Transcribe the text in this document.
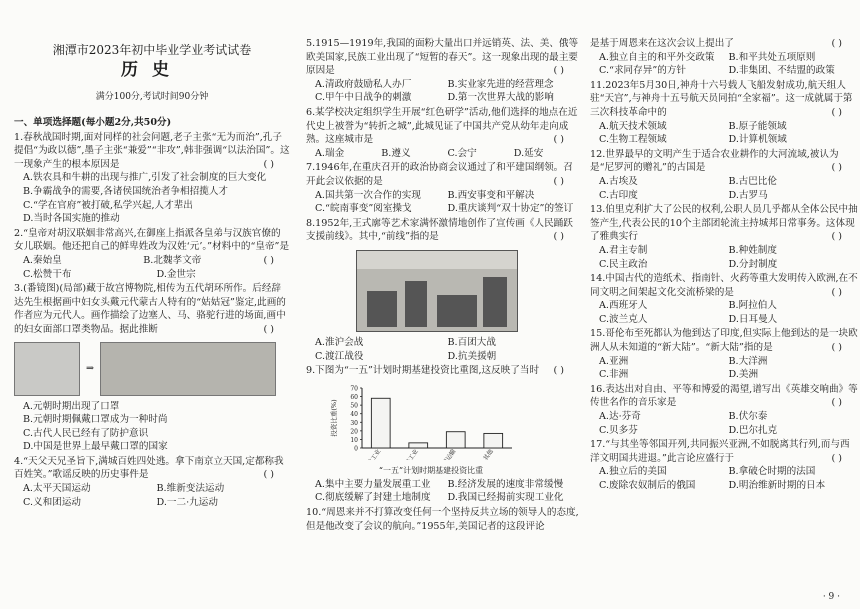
湘潭市2023年初中毕业学业考试试卷
历史
满分100分,考试时间90分钟
一、单项选择题(每小题2分,共50分)
1.春秋战国时期,面对同样的社会问题,老子主张“无为而治”,孔子提倡“为政以德”,墨子主张“兼爱”“非攻”,韩非强调“以法治国”。这一现象产生的根本原因是	( )
A.铁农具和牛耕的出现与推广,引发了社会制度的巨大变化
B.争霸战争的需要,各诸侯国统治者争相招揽人才
C.“学在官府”被打破,私学兴起,人才辈出
D.当时各国实施的推动
2.“皇帝对胡汉联姻非常高兴,在御座上指派各皇弟与汉族官僚的女儿联姻。他还把自己的鲜卑姓改为汉姓‘元’。”材料中的“皇帝”是
( )
A.秦始皇	B.北魏孝文帝
C.松赞干布	D.金世宗
3.(番镜图)(局部)藏于故宫博物院,相传为五代胡环所作。后经辞达先生根据画中妇女头戴元代蒙古人特有的“姑姑冠”鉴定,此画的作者应为元代人。画作描绘了边塞人、马、骆驼行进的场面,画中的妇女面部口罩类物品。据此推断	( )
⇒
A.元朝时期出现了口罩
B.元朝时期佩戴口罩成为一种时尚
C.古代人民已经有了防护意识
D.中国是世界上最早戴口罩的国家
4.“天父天兄圣旨下,满城百姓四处逃。拿下南京立天国,定都称我百姓笑。”歌谣反映的历史事件是	( )
A.太平天国运动	B.维新变法运动
C.义和团运动	D.一二·九运动
5.1915—1919年,我国的面粉大量出口并远销英、法、美、俄等欧美国家,民族工业出现了“短暂的春天”。这一现象出现的最主要原因是	( )
A.清政府鼓励私人办厂	B.实业家先进的经营理念
C.甲午中日战争的刺激	D.第一次世界大战的影响
6.某学校决定组织学生开展“红色研学”活动,他们选择的地点在近代史上被誉为“转折之城”,此城见证了中国共产党从幼年走向成熟。这座城市是	( )
A.瑞金	B.遵义	C.会宁	D.延安
7.1946年,在重庆召开的政治协商会议通过了和平建国纲领。召开此会议依据的是	( )
A.国共第一次合作的实现	B.西安事变和平解决
C.“皖南事变”阅室操戈	D.重庆谈判“双十协定”的签订
8.1952年,王式廓等艺术家满怀激情地创作了宣传画《人民踊跃支援前线》。其中,“前线”指的是	( )
A.淮沪会战	B.百团大战
C.渡江战役	D.抗美援朝
9.下图为“一五”计划时期基建投资比重图,这反映了当时 ( )
0
10
20
30
40
50
60
70
投资比重(%)
重工业	轻工业	交通运输	其他
“一五”计划时期基建投资比重
A.集中主要力量发展重工业	B.经济发展的速度非常缓慢
C.彻底缓解了封建土地制度	D.我国已经揭前实现工业化
10.“周恩来并不打算改变任何一个坚持反共立场的领导人的态度,但是他改变了会议的航向。”1955年,美国记者的这段评论
是基于周恩来在这次会议上提出了	( )
A.独立自主的和平外交政策	B.和平共处五项原则
C.“求同存异”的方针	D.非集团、不结盟的政策
11.2023年5月30日,神舟十六号载人飞船发射成功,航天组人驻“天宫”,与神舟十五号航天员同拍“全家福”。这一成就属于第三次科技革命中的	( )
A.航天技术领域	B.原子能领域
C.生物工程领域	D.计算机领域
12.世界最早的文明产生于适合农业耕作的大河流域,被认为是“尼罗河的赠礼”的古国是	( )
A.古埃及	B.古巴比伦
C.古印度	D.古罗马
13.伯里克利扩大了公民的权利,公职人员几乎都从全体公民中抽签产生,代表公民的10个主部团轮流主持城邦日常事务。这体现了雅典实行	( )
A.君主专制	B.种姓制度
C.民主政治	D.分封制度
14.中国古代的造纸术、指南针、火药等重大发明传入欧洲,在不同文明之间架起文化交流桥梁的是	( )
A.西班牙人	B.阿拉伯人
C.波兰克人	D.日耳曼人
15.哥伦布至死都认为他到达了印度,但实际上他到达的是一块欧洲人从未知道的“新大陆”。“新大陆”指的是	( )
A.亚洲	B.大洋洲
C.非洲	D.美洲
16.表达出对自由、平等和博爱的渴望,谱写出《英雄交响曲》等传世名作的音乐家是	( )
A.达·芬奇	B.伏尔泰
C.贝多芬	D.巴尔扎克
17.“与其坐等邻国开列,共同振兴亚洲,不如脱离其行列,而与西洋文明国共进退。”此言论应盛行于	( )
A.独立后的美国	B.拿破仑时期的法国
C.废除农奴制后的俄国	D.明治维新时期的日本
· 9 ·
